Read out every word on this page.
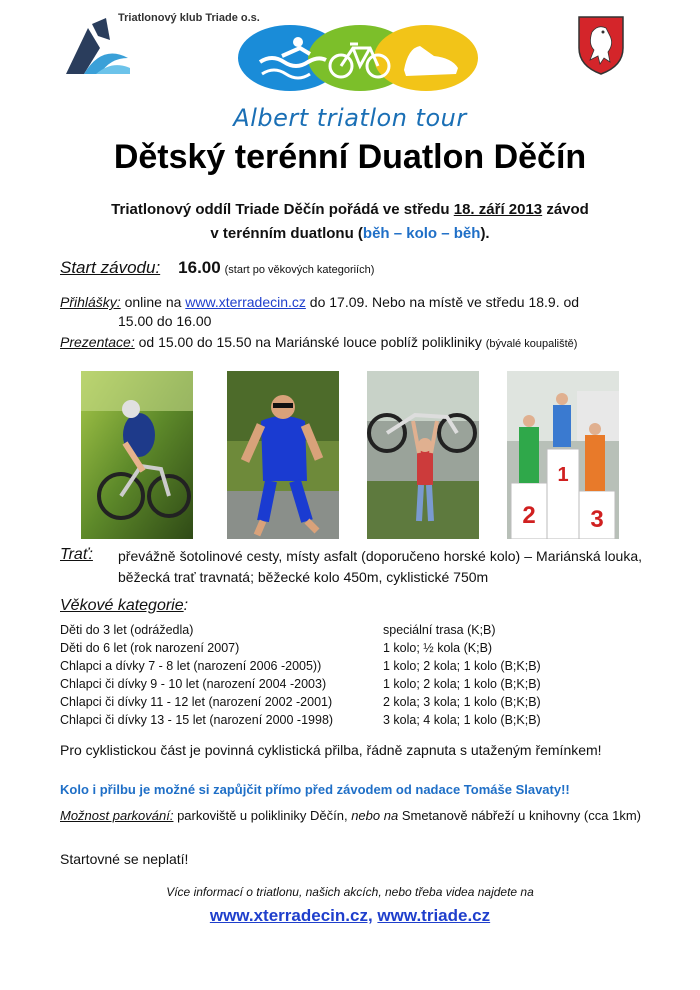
Triatlonový klub Triade o.s.
Albert triatlon tour
Dětský terénní Duatlon Děčín
Triatlonový oddíl Triade Děčín pořádá ve středu 18. září 2013 závod
v terénním duatlonu (běh – kolo – běh).
Start závodu: 16.00 (start po věkových kategoriích)
Přihlášky: online na www.xterradecin.cz do 17.09. Nebo na místě ve středu 18.9. od
15.00 do 16.00
Prezentace: od 15.00 do 15.50 na Mariánské louce poblíž polikliniky (bývalé koupaliště)
1
2 3
Trať: převážně šotolinové cesty, místy asfalt (doporučeno horské kolo) – Mariánská louka, běžecká trať travnatá; běžecké kolo 450m, cyklistické 750m
Věkové kategorie:
Děti do 3 let (odrážedla)	speciální trasa (K;B)
Děti do 6 let (rok narození 2007)	1 kolo; ½ kola (K;B)
Chlapci a dívky 7 - 8 let (narození 2006 -2005))	1 kolo; 2 kola; 1 kolo (B;K;B)
Chlapci či dívky 9 - 10 let (narození 2004 -2003)	1 kolo; 2 kola; 1 kolo (B;K;B)
Chlapci či dívky 11 - 12 let (narození 2002 -2001)	2 kola; 3 kola; 1 kolo (B;K;B)
Chlapci či dívky 13 - 15 let (narození 2000 -1998)	3 kola; 4 kola; 1 kolo (B;K;B)
Pro cyklistickou část je povinná cyklistická přilba, řádně zapnuta s utaženým řemínkem!
Kolo i přilbu je možné si zapůjčit přímo před závodem od nadace Tomáše Slavaty!!
Možnost parkování: parkoviště u polikliniky Děčín, nebo na Smetanově nábřeží u knihovny (cca 1km)
Startovné se neplatí!
Více informací o triatlonu, našich akcích, nebo třeba videa najdete na
www.xterradecin.cz, www.triade.cz
